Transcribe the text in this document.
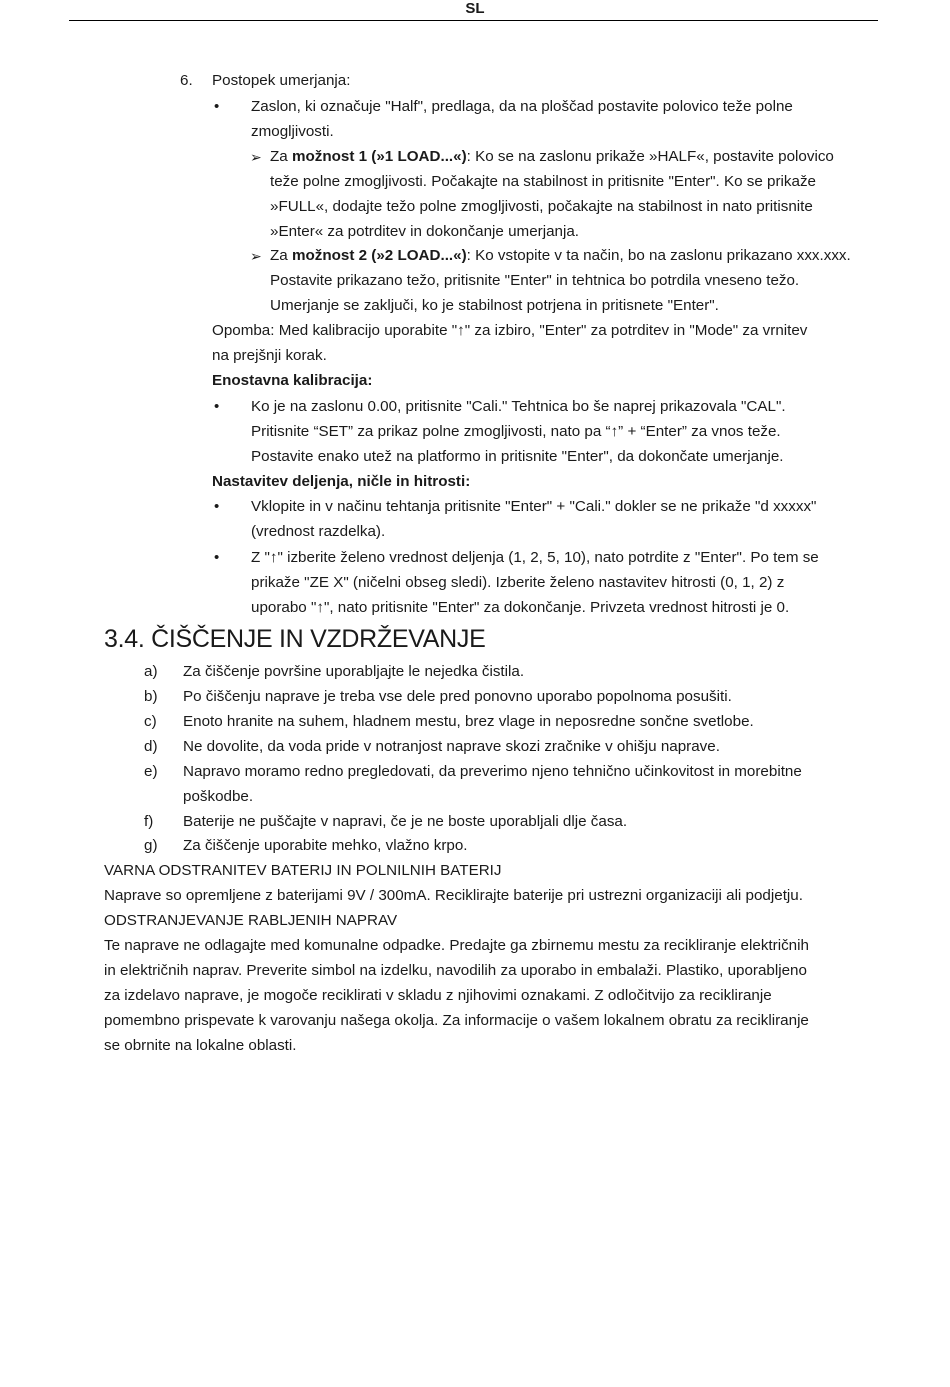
SL
6. Postopek umerjanja:
• Zaslon, ki označuje "Half", predlaga, da na ploščad postavite polovico teže polne
zmogljivosti.
➢ Za možnost 1 (»1 LOAD...«): Ko se na zaslonu prikaže »HALF«, postavite polovico
teže polne zmogljivosti. Počakajte na stabilnost in pritisnite "Enter". Ko se prikaže
»FULL«, dodajte težo polne zmogljivosti, počakajte na stabilnost in nato pritisnite
»Enter« za potrditev in dokončanje umerjanja.
➢ Za možnost 2 (»2 LOAD...«): Ko vstopite v ta način, bo na zaslonu prikazano xxx.xxx.
Postavite prikazano težo, pritisnite "Enter" in tehtnica bo potrdila vneseno težo.
Umerjanje se zaključi, ko je stabilnost potrjena in pritisnete "Enter".
Opomba: Med kalibracijo uporabite "↑" za izbiro, "Enter" za potrditev in "Mode" za vrnitev
na prejšnji korak.
Enostavna kalibracija:
• Ko je na zaslonu 0.00, pritisnite "Cali." Tehtnica bo še naprej prikazovala "CAL".
Pritisnite “SET” za prikaz polne zmogljivosti, nato pa “↑” + “Enter” za vnos teže.
Postavite enako utež na platformo in pritisnite "Enter", da dokončate umerjanje.
Nastavitev deljenja, ničle in hitrosti:
• Vklopite in v načinu tehtanja pritisnite "Enter" + "Cali." dokler se ne prikaže "d xxxxx"
(vrednost razdelka).
• Z "↑" izberite želeno vrednost deljenja (1, 2, 5, 10), nato potrdite z "Enter". Po tem se
prikaže "ZE X" (ničelni obseg sledi). Izberite želeno nastavitev hitrosti (0, 1, 2) z
uporabo "↑", nato pritisnite "Enter" za dokončanje. Privzeta vrednost hitrosti je 0.
3.4. ČIŠČENJE IN VZDRŽEVANJE
a) Za čiščenje površine uporabljajte le nejedka čistila.
b) Po čiščenju naprave je treba vse dele pred ponovno uporabo popolnoma posušiti.
c) Enoto hranite na suhem, hladnem mestu, brez vlage in neposredne sončne svetlobe.
d) Ne dovolite, da voda pride v notranjost naprave skozi zračnike v ohišju naprave.
e) Napravo moramo redno pregledovati, da preverimo njeno tehnično učinkovitost in morebitne
poškodbe.
f) Baterije ne puščajte v napravi, če je ne boste uporabljali dlje časa.
g) Za čiščenje uporabite mehko, vlažno krpo.
VARNA ODSTRANITEV BATERIJ IN POLNILNIH BATERIJ
Naprave so opremljene z baterijami 9V / 300mA. Reciklirajte baterije pri ustrezni organizaciji ali podjetju.
ODSTRANJEVANJE RABLJENIH NAPRAV
Te naprave ne odlagajte med komunalne odpadke. Predajte ga zbirnemu mestu za recikliranje električnih
in električnih naprav. Preverite simbol na izdelku, navodilih za uporabo in embalaži. Plastiko, uporabljeno
za izdelavo naprave, je mogoče reciklirati v skladu z njihovimi oznakami. Z odločitvijo za recikliranje
pomembno prispevate k varovanju našega okolja. Za informacije o vašem lokalnem obratu za recikliranje
se obrnite na lokalne oblasti.
